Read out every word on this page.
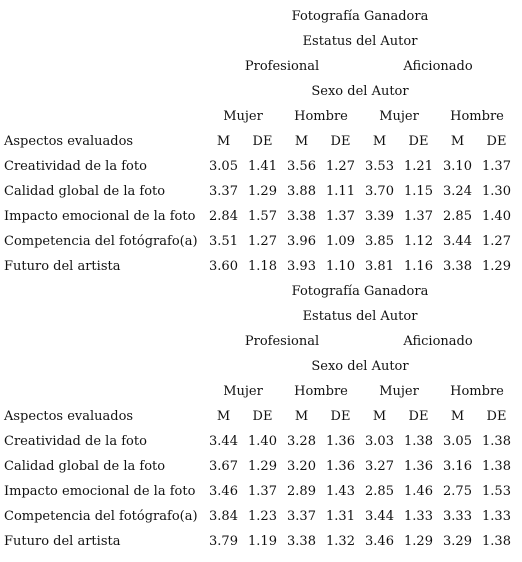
	Fotografía Ganadora							
	Estatus del Autor							
	Profesional				Aficionado			
	Sexo del Autor							
	Mujer		Hombre		Mujer		Hombre	
Aspectos evaluados	M	DE	M	DE	M	DE	M	DE
Creatividad de la foto	3.05	1.41	3.56	1.27	3.53	1.21	3.10	1.37
Calidad global de la foto	3.37	1.29	3.88	1.11	3.70	1.15	3.24	1.30
Impacto emocional de la foto	2.84	1.57	3.38	1.37	3.39	1.37	2.85	1.40
Competencia del fotógrafo(a)	3.51	1.27	3.96	1.09	3.85	1.12	3.44	1.27
Futuro del artista	3.60	1.18	3.93	1.10	3.81	1.16	3.38	1.29
	Fotografía Ganadora							
	Estatus del Autor							
	Profesional				Aficionado			
	Sexo del Autor							
	Mujer		Hombre		Mujer		Hombre	
Aspectos evaluados	M	DE	M	DE	M	DE	M	DE
Creatividad de la foto	3.44	1.40	3.28	1.36	3.03	1.38	3.05	1.38
Calidad global de la foto	3.67	1.29	3.20	1.36	3.27	1.36	3.16	1.38
Impacto emocional de la foto	3.46	1.37	2.89	1.43	2.85	1.46	2.75	1.53
Competencia del fotógrafo(a)	3.84	1.23	3.37	1.31	3.44	1.33	3.33	1.33
Futuro del artista	3.79	1.19	3.38	1.32	3.46	1.29	3.29	1.38
